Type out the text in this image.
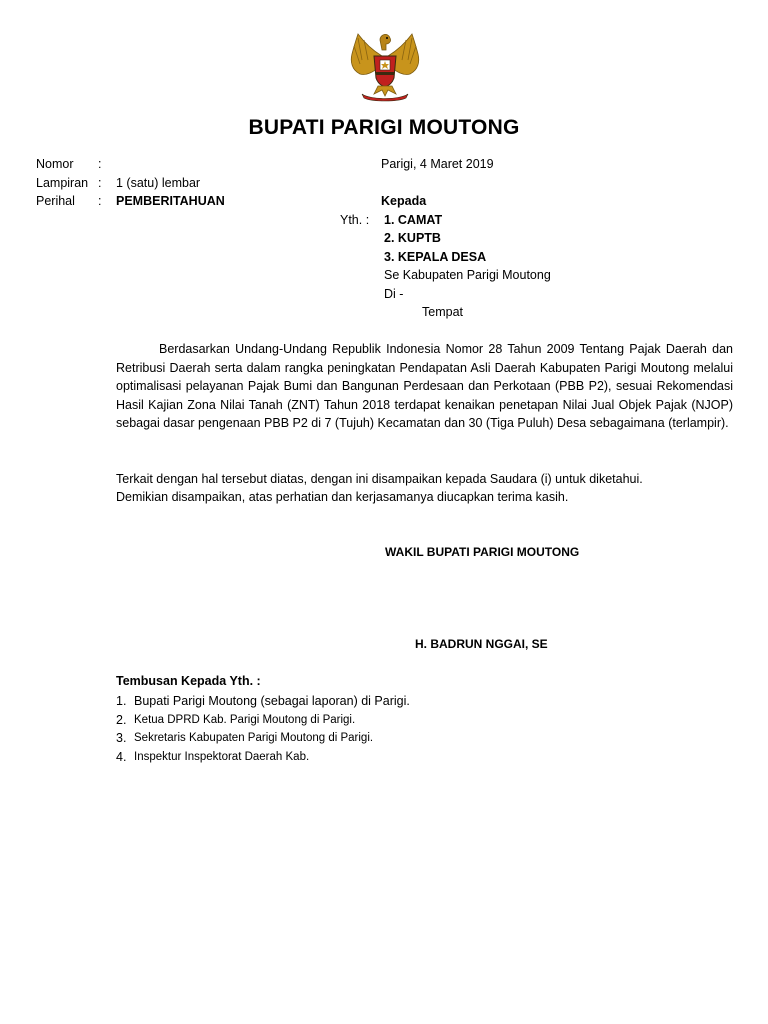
BUPATI PARIGI MOUTONG
Nomor :
Lampiran : 1 (satu) lembar
Perihal : PEMBERITAHUAN
Parigi, 4 Maret 2019
Kepada
Yth. : 1. CAMAT
2. KUPTB
3. KEPALA DESA
Se Kabupaten Parigi Moutong
Di -
Tempat
Berdasarkan Undang-Undang Republik Indonesia Nomor 28 Tahun 2009 Tentang Pajak Daerah dan Retribusi Daerah serta dalam rangka peningkatan Pendapatan Asli Daerah Kabupaten Parigi Moutong melalui optimalisasi pelayanan Pajak Bumi dan Bangunan Perdesaan dan Perkotaan (PBB P2), sesuai Rekomendasi Hasil Kajian Zona Nilai Tanah (ZNT) Tahun 2018 terdapat kenaikan penetapan Nilai Jual Objek Pajak (NJOP) sebagai dasar pengenaan PBB P2 di 7 (Tujuh) Kecamatan dan 30 (Tiga Puluh) Desa sebagaimana (terlampir).
Terkait dengan hal tersebut diatas, dengan ini disampaikan kepada Saudara (i) untuk diketahui.
Demikian disampaikan, atas perhatian dan kerjasamanya diucapkan terima kasih.
WAKIL BUPATI PARIGI MOUTONG
H. BADRUN NGGAI, SE
Tembusan Kepada Yth. :
1. Bupati Parigi Moutong (sebagai laporan) di Parigi.
2. Ketua DPRD Kab. Parigi Moutong di Parigi.
3. Sekretaris Kabupaten Parigi Moutong di Parigi.
4. Inspektur Inspektorat Daerah Kab.
